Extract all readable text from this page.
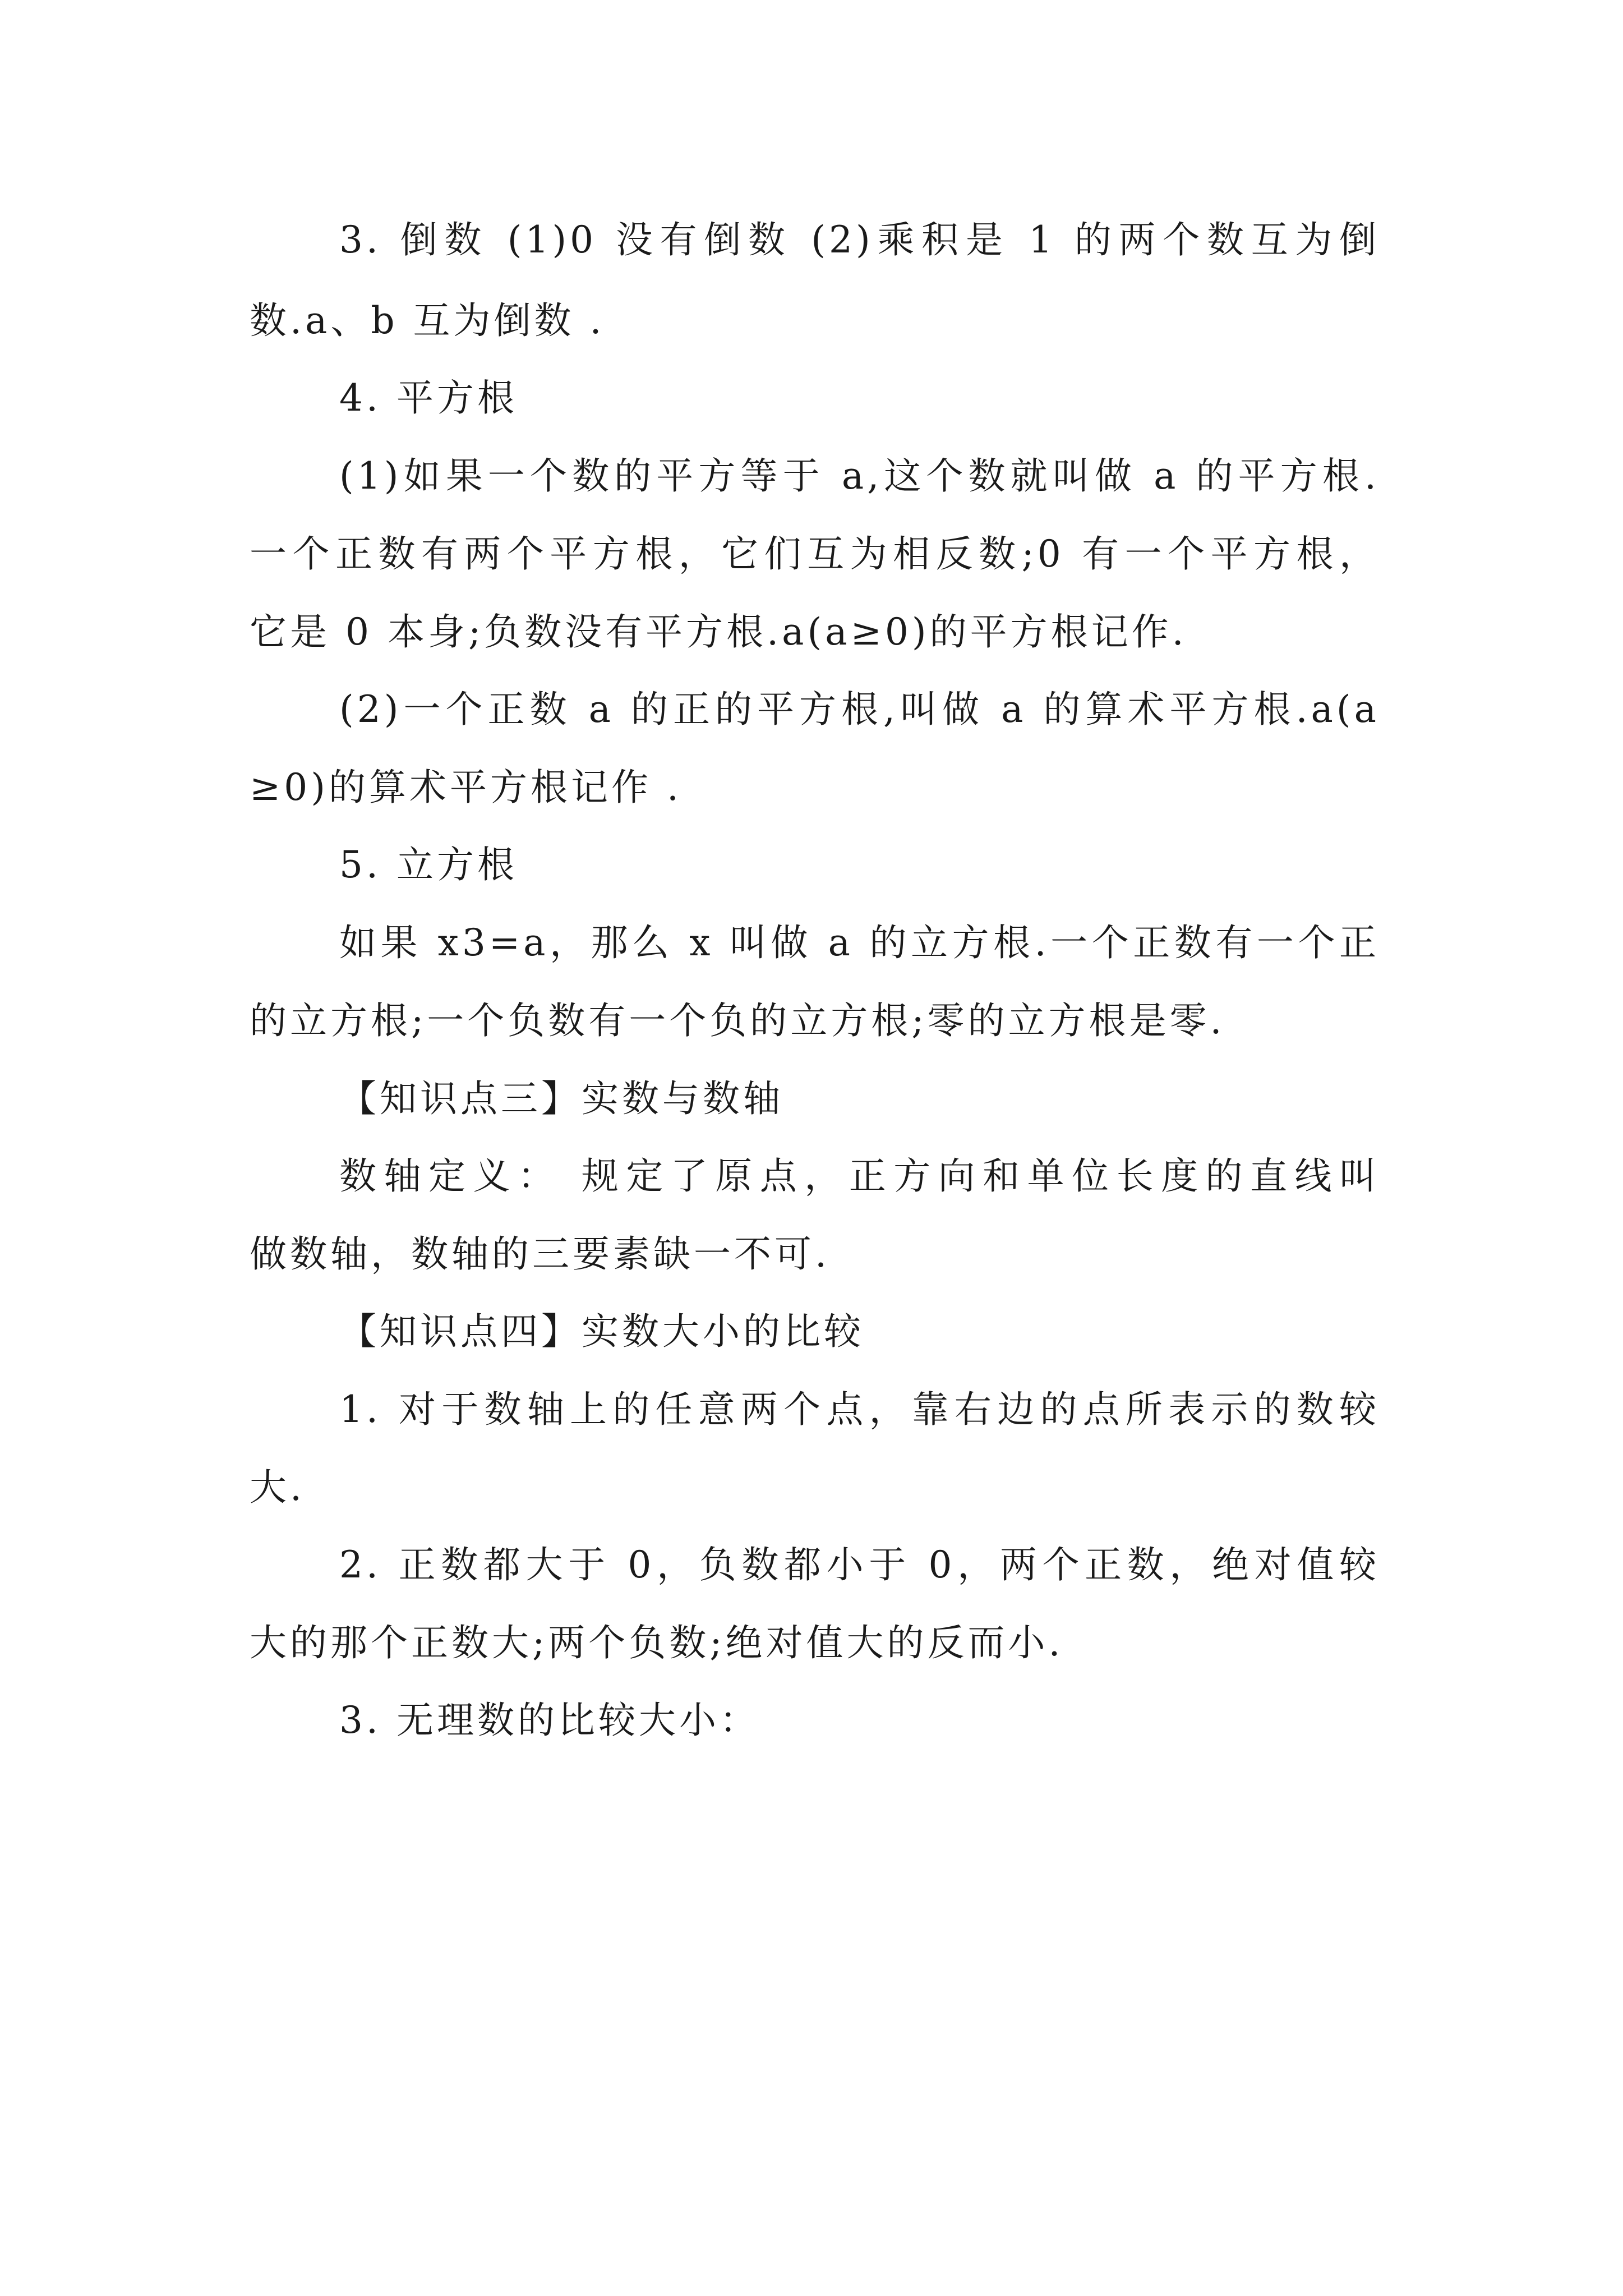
3. 倒数 (1)0 没有倒数 (2)乘积是 1 的两个数互为倒

数.a、b 互为倒数 .

4. 平方根

(1)如果一个数的平方等于 a,这个数就叫做 a 的平方根.

一个正数有两个平方根，它们互为相反数;0 有一个平方根，

它是 0 本身;负数没有平方根.a(a≥0)的平方根记作.

(2)一个正数 a 的正的平方根,叫做 a 的算术平方根.a(a

≥0)的算术平方根记作 .

5. 立方根

如果 x3=a，那么 x 叫做 a 的立方根.一个正数有一个正

的立方根;一个负数有一个负的立方根;零的立方根是零.

【知识点三】实数与数轴

数轴定义： 规定了原点，正方向和单位长度的直线叫

做数轴，数轴的三要素缺一不可.

【知识点四】实数大小的比较

1. 对于数轴上的任意两个点，靠右边的点所表示的数较

大.

2. 正数都大于 0，负数都小于 0，两个正数，绝对值较

大的那个正数大;两个负数;绝对值大的反而小.

3. 无理数的比较大小：
